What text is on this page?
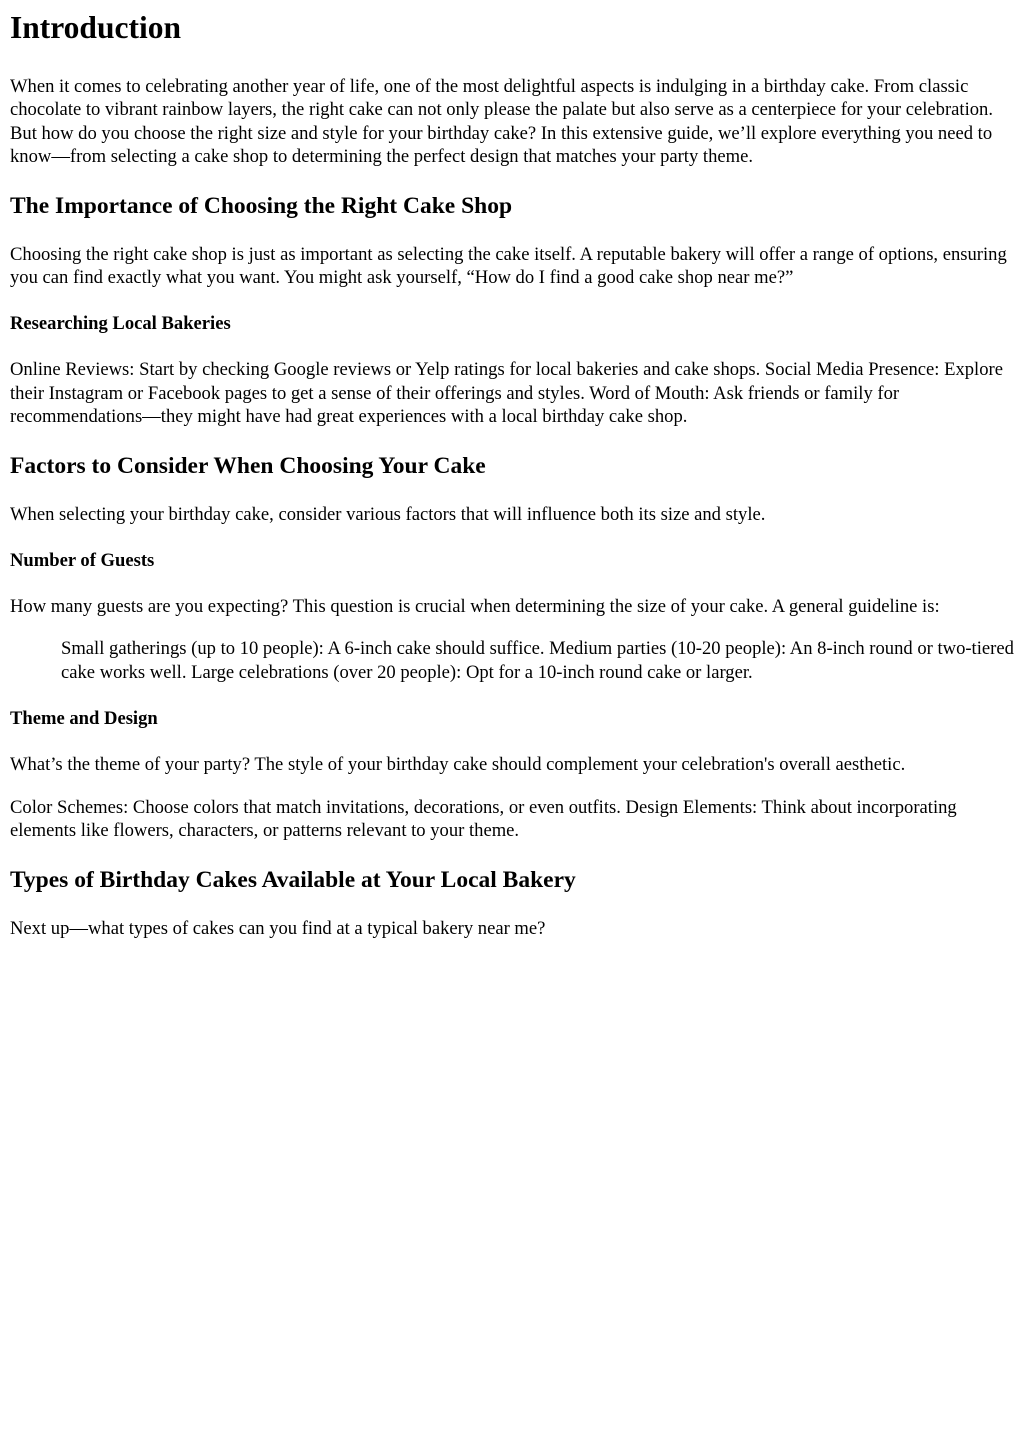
Introduction

When it comes to celebrating another year of life, one of the most delightful aspects is indulging in a birthday cake. From classic chocolate to vibrant rainbow layers, the right cake can not only please the palate but also serve as a centerpiece for your celebration. But how do you choose the right size and style for your birthday cake? In this extensive guide, we’ll explore everything you need to know—from selecting a cake shop to determining the perfect design that matches your party theme.

The Importance of Choosing the Right Cake Shop

Choosing the right cake shop is just as important as selecting the cake itself. A reputable bakery will offer a range of options, ensuring you can find exactly what you want. You might ask yourself, “How do I find a good cake shop near me?”

Researching Local Bakeries

Online Reviews: Start by checking Google reviews or Yelp ratings for local bakeries and cake shops. Social Media Presence: Explore their Instagram or Facebook pages to get a sense of their offerings and styles. Word of Mouth: Ask friends or family for recommendations—they might have had great experiences with a local birthday cake shop.

Factors to Consider When Choosing Your Cake

When selecting your birthday cake, consider various factors that will influence both its size and style.

Number of Guests

How many guests are you expecting? This question is crucial when determining the size of your cake. A general guideline is:

Small gatherings (up to 10 people): A 6-inch cake should suffice. Medium parties (10-20 people): An 8-inch round or two-tiered cake works well. Large celebrations (over 20 people): Opt for a 10-inch round cake or larger.
Theme and Design

What’s the theme of your party? The style of your birthday cake should complement your celebration's overall aesthetic.

Color Schemes: Choose colors that match invitations, decorations, or even outfits. Design Elements: Think about incorporating elements like flowers, characters, or patterns relevant to your theme.

Types of Birthday Cakes Available at Your Local Bakery

Next up—what types of cakes can you find at a typical bakery near me?
